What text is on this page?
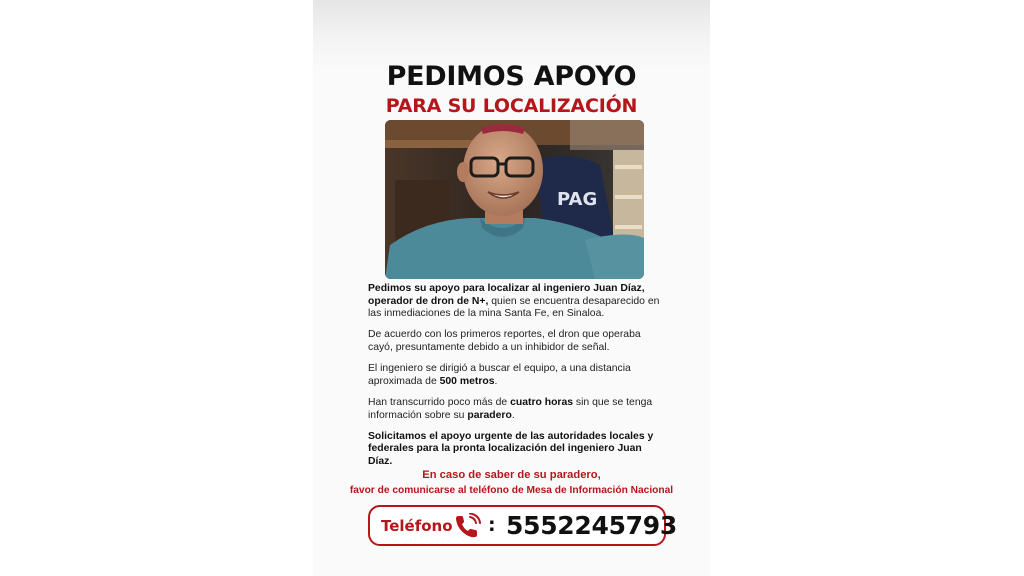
PEDIMOS APOYO
PARA SU LOCALIZACIÓN
PAG

Pedimos su apoyo para localizar al ingeniero Juan Díaz, operador de dron de N+, quien se encuentra desaparecido en las inmediaciones de la mina Santa Fe, en Sinaloa.

De acuerdo con los primeros reportes, el dron que operaba cayó, presuntamente debido a un inhibidor de señal.

El ingeniero se dirigió a buscar el equipo, a una distancia aproximada de 500 metros.

Han transcurrido poco más de cuatro horas sin que se tenga información sobre su paradero.

Solicitamos el apoyo urgente de las autoridades locales y federales para la pronta localización del ingeniero Juan Díaz.

En caso de saber de su paradero,
favor de comunicarse al teléfono de Mesa de Información Nacional
Teléfono : 5552245793
